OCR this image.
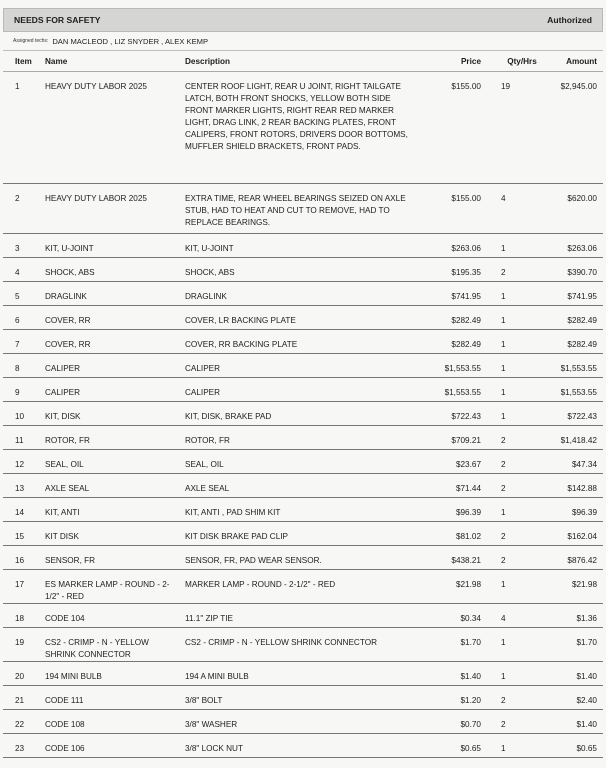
NEEDS FOR SAFETY	Authorized
Assigned techs: DAN MACLEOD , LIZ SNYDER , ALEX KEMP
Item	Name	Description	Price	Qty/Hrs	Amount
1	HEAVY DUTY LABOR 2025	CENTER ROOF LIGHT, REAR U JOINT, RIGHT TAILGATE LATCH, BOTH FRONT SHOCKS, YELLOW BOTH SIDE FRONT MARKER LIGHTS, RIGHT REAR RED MARKER LIGHT, DRAG LINK, 2 REAR BACKING PLATES, FRONT CALIPERS, FRONT ROTORS, DRIVERS DOOR BOTTOMS, MUFFLER SHIELD BRACKETS, FRONT PADS.	$155.00	19	$2,945.00
2	HEAVY DUTY LABOR 2025	EXTRA TIME, REAR WHEEL BEARINGS SEIZED ON AXLE STUB, HAD TO HEAT AND CUT TO REMOVE, HAD TO REPLACE BEARINGS.	$155.00	4	$620.00
3	KIT, U-JOINT	KIT, U-JOINT	$263.06	1	$263.06
4	SHOCK, ABS	SHOCK, ABS	$195.35	2	$390.70
5	DRAGLINK	DRAGLINK	$741.95	1	$741.95
6	COVER, RR	COVER, LR BACKING PLATE	$282.49	1	$282.49
7	COVER, RR	COVER, RR BACKING PLATE	$282.49	1	$282.49
8	CALIPER	CALIPER	$1,553.55	1	$1,553.55
9	CALIPER	CALIPER	$1,553.55	1	$1,553.55
10	KIT, DISK	KIT, DISK, BRAKE PAD	$722.43	1	$722.43
11	ROTOR, FR	ROTOR, FR	$709.21	2	$1,418.42
12	SEAL, OIL	SEAL, OIL	$23.67	2	$47.34
13	AXLE SEAL	AXLE SEAL	$71.44	2	$142.88
14	KIT, ANTI	KIT, ANTI , PAD SHIM KIT	$96.39	1	$96.39
15	KIT DISK	KIT DISK BRAKE PAD CLIP	$81.02	2	$162.04
16	SENSOR, FR	SENSOR, FR, PAD WEAR SENSOR.	$438.21	2	$876.42
17	ES MARKER LAMP - ROUND - 2-1/2" - RED	MARKER LAMP - ROUND - 2-1/2" - RED	$21.98	1	$21.98
18	CODE 104	11.1" ZIP TIE	$0.34	4	$1.36
19	CS2 - CRIMP - N - YELLOW SHRINK CONNECTOR	CS2 - CRIMP - N - YELLOW SHRINK CONNECTOR	$1.70	1	$1.70
20	194 MINI BULB	194 A MINI BULB	$1.40	1	$1.40
21	CODE 111	3/8" BOLT	$1.20	2	$2.40
22	CODE 108	3/8" WASHER	$0.70	2	$1.40
23	CODE 106	3/8" LOCK NUT	$0.65	1	$0.65
